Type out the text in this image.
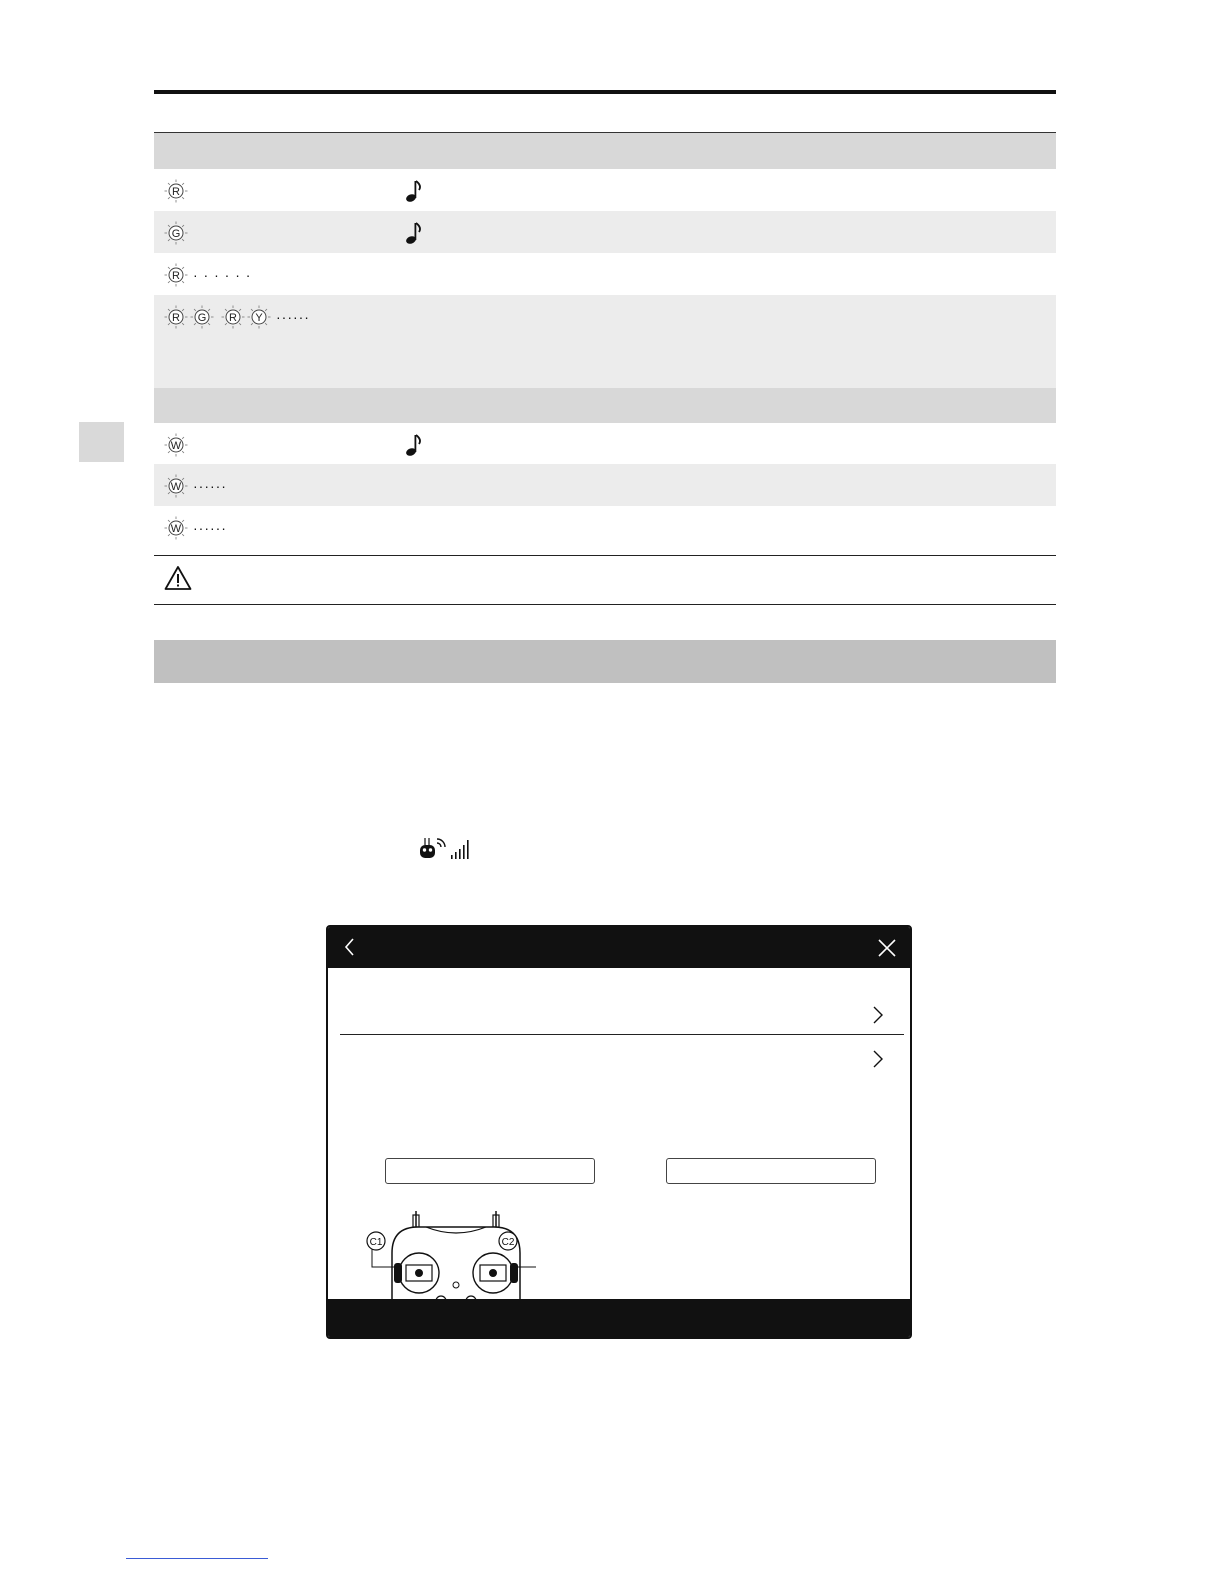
R
G
R · · · · · ·
R G R Y ······
W
W ······
W ······
C1	C2
